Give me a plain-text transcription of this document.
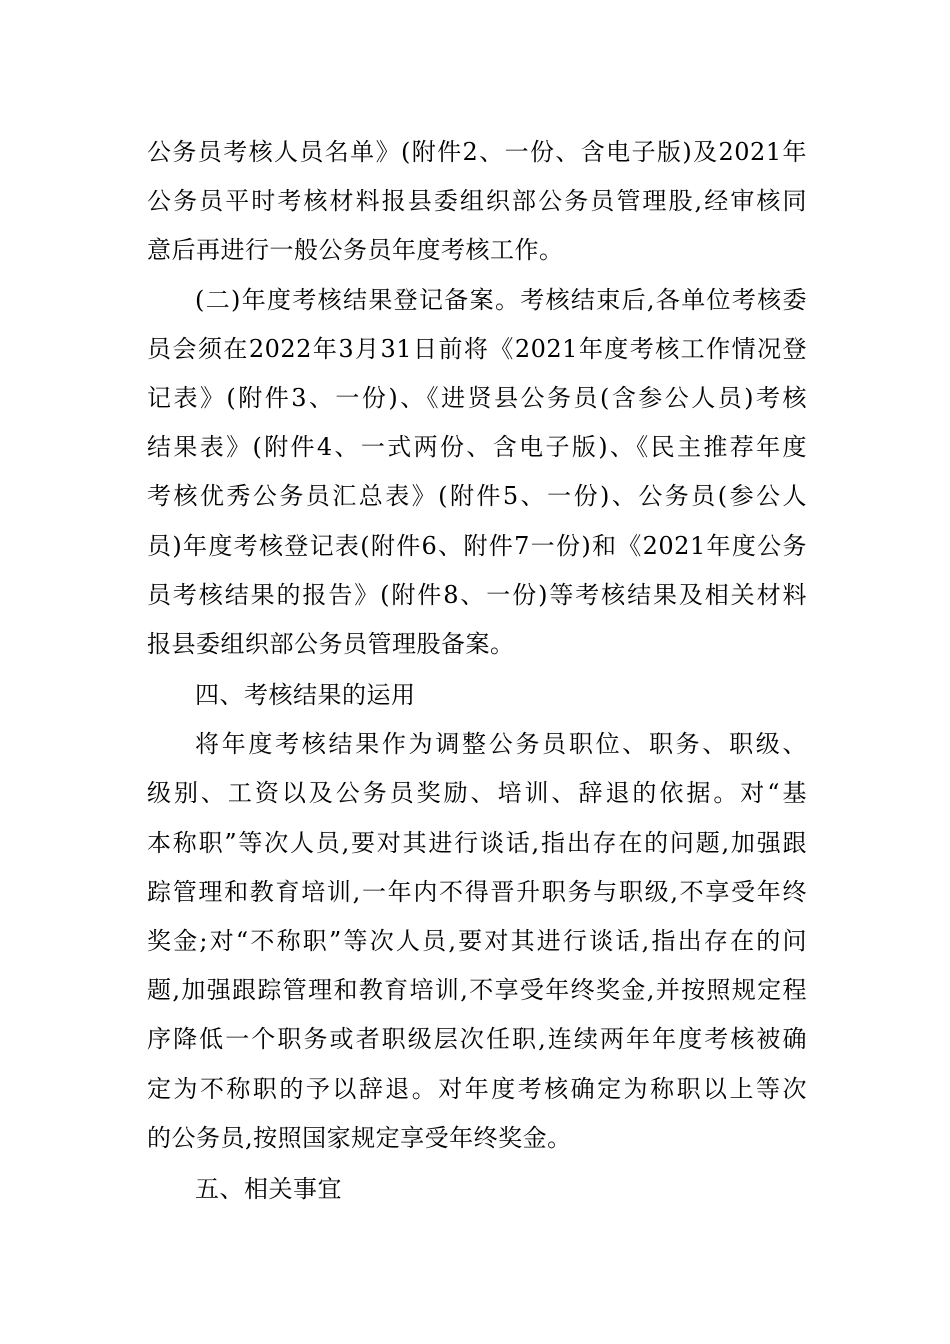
公务员考核人员名单》(附件2、一份、含电子版)及2021年
公务员平时考核材料报县委组织部公务员管理股,经审核同
意后再进行一般公务员年度考核工作。
(二)年度考核结果登记备案。考核结束后,各单位考核委
员会须在2022年3月31日前将《2021年度考核工作情况登
记表》(附件3、一份)、《进贤县公务员(含参公人员)考核
结果表》(附件4、一式两份、含电子版)、《民主推荐年度
考核优秀公务员汇总表》(附件5、一份)、公务员(参公人
员)年度考核登记表(附件6、附件7一份)和《2021年度公务
员考核结果的报告》(附件8、一份)等考核结果及相关材料
报县委组织部公务员管理股备案。
四、考核结果的运用
将年度考核结果作为调整公务员职位、职务、职级、
级别、工资以及公务员奖励、培训、辞退的依据。对“基
本称职”等次人员,要对其进行谈话,指出存在的问题,加强跟
踪管理和教育培训,一年内不得晋升职务与职级,不享受年终
奖金;对“不称职”等次人员,要对其进行谈话,指出存在的问
题,加强跟踪管理和教育培训,不享受年终奖金,并按照规定程
序降低一个职务或者职级层次任职,连续两年年度考核被确
定为不称职的予以辞退。对年度考核确定为称职以上等次
的公务员,按照国家规定享受年终奖金。
五、相关事宜
